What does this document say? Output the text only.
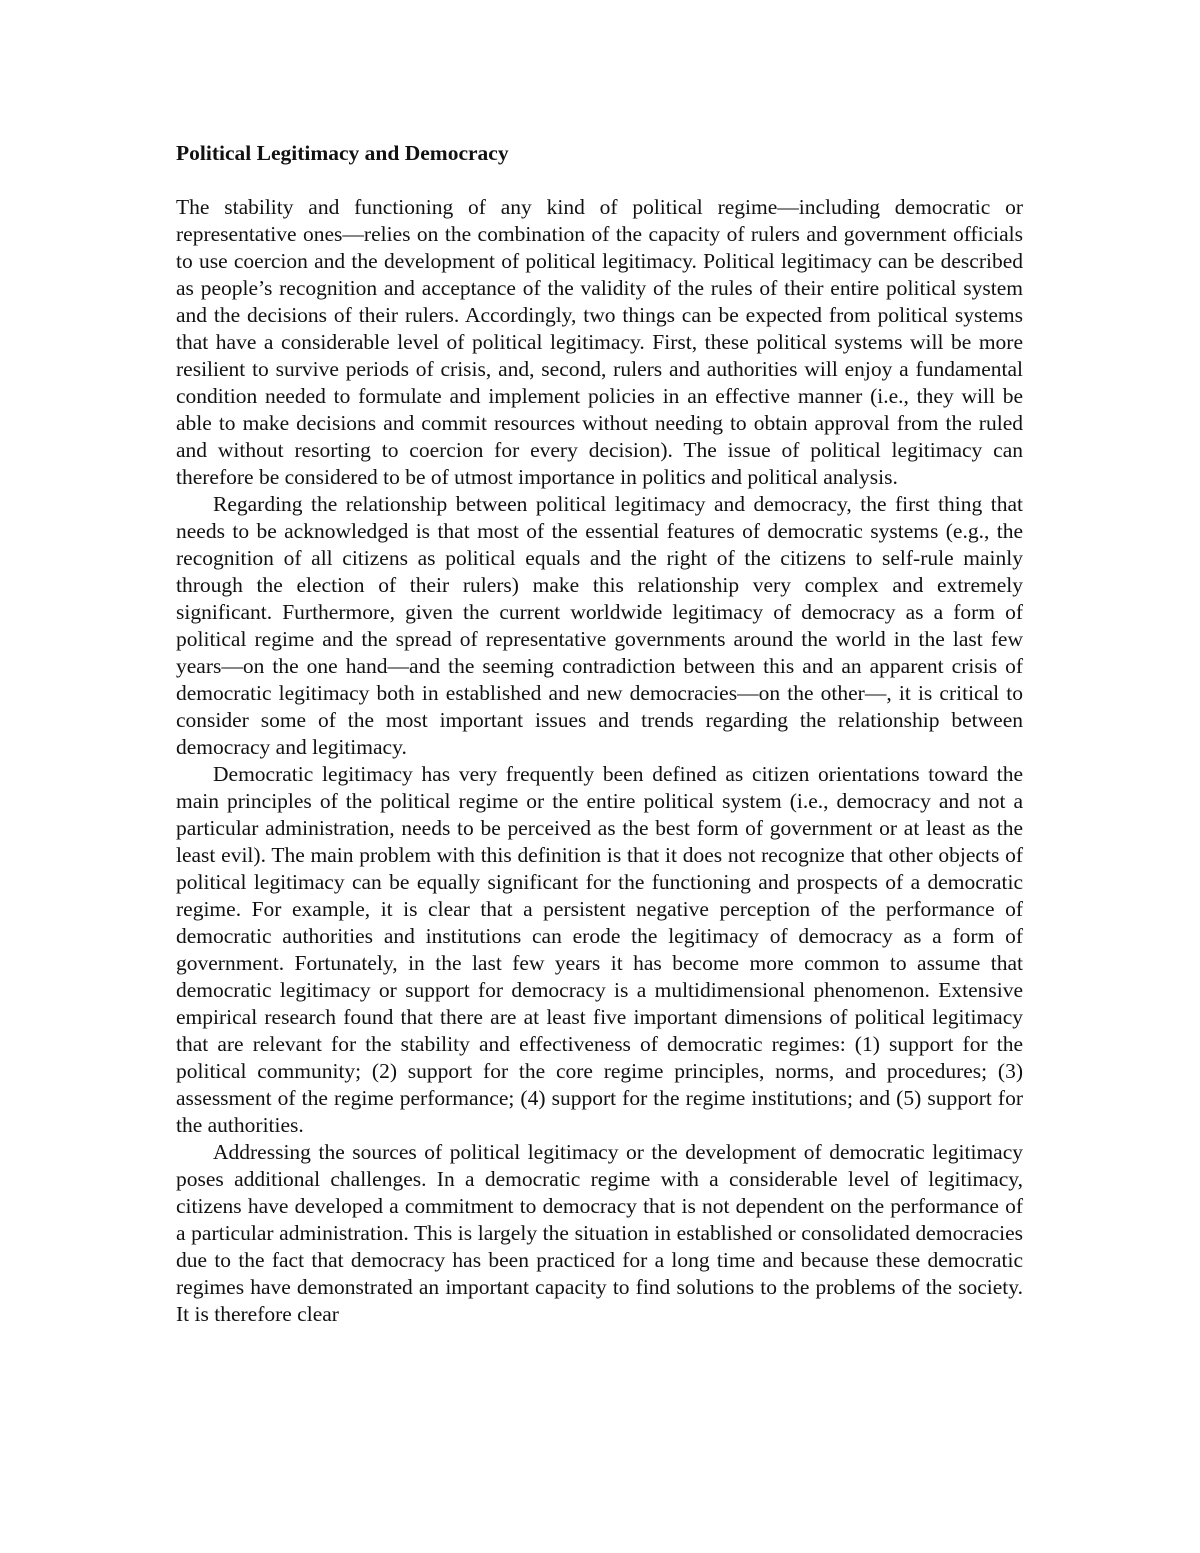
Political Legitimacy and Democracy

The stability and functioning of any kind of political regime—including democratic or representative ones—relies on the combination of the capacity of rulers and government officials to use coercion and the development of political legitimacy. Political legitimacy can be described as people’s recognition and acceptance of the validity of the rules of their entire political system and the decisions of their rulers. Accordingly, two things can be expected from political systems that have a considerable level of political legitimacy. First, these political systems will be more resilient to survive periods of crisis, and, second, rulers and authorities will enjoy a fundamental condition needed to formulate and implement policies in an effective manner (i.e., they will be able to make decisions and commit resources without needing to obtain approval from the ruled and without resorting to coercion for every decision). The issue of political legitimacy can therefore be considered to be of utmost importance in politics and political analysis.

Regarding the relationship between political legitimacy and democracy, the first thing that needs to be acknowledged is that most of the essential features of democratic systems (e.g., the recognition of all citizens as political equals and the right of the citizens to self-rule mainly through the election of their rulers) make this relationship very complex and extremely significant. Furthermore, given the current worldwide legitimacy of democracy as a form of political regime and the spread of representative governments around the world in the last few years—on the one hand—and the seeming contradiction between this and an apparent crisis of democratic legitimacy both in established and new democracies—on the other—, it is critical to consider some of the most important issues and trends regarding the relationship between democracy and legitimacy.

Democratic legitimacy has very frequently been defined as citizen orientations toward the main principles of the political regime or the entire political system (i.e., democracy and not a particular administration, needs to be perceived as the best form of government or at least as the least evil). The main problem with this definition is that it does not recognize that other objects of political legitimacy can be equally significant for the functioning and prospects of a democratic regime. For example, it is clear that a persistent negative perception of the performance of democratic authorities and institutions can erode the legitimacy of democracy as a form of government. Fortunately, in the last few years it has become more common to assume that democratic legitimacy or support for democracy is a multidimensional phenomenon. Extensive empirical research found that there are at least five important dimensions of political legitimacy that are relevant for the stability and effectiveness of democratic regimes: (1) support for the political community; (2) support for the core regime principles, norms, and procedures; (3) assessment of the regime performance; (4) support for the regime institutions; and (5) support for the authorities.

Addressing the sources of political legitimacy or the development of democratic legitimacy poses additional challenges. In a democratic regime with a considerable level of legitimacy, citizens have developed a commitment to democracy that is not dependent on the performance of a particular administration. This is largely the situation in established or consolidated democracies due to the fact that democracy has been practiced for a long time and because these democratic regimes have demonstrated an important capacity to find solutions to the problems of the society. It is therefore clear
